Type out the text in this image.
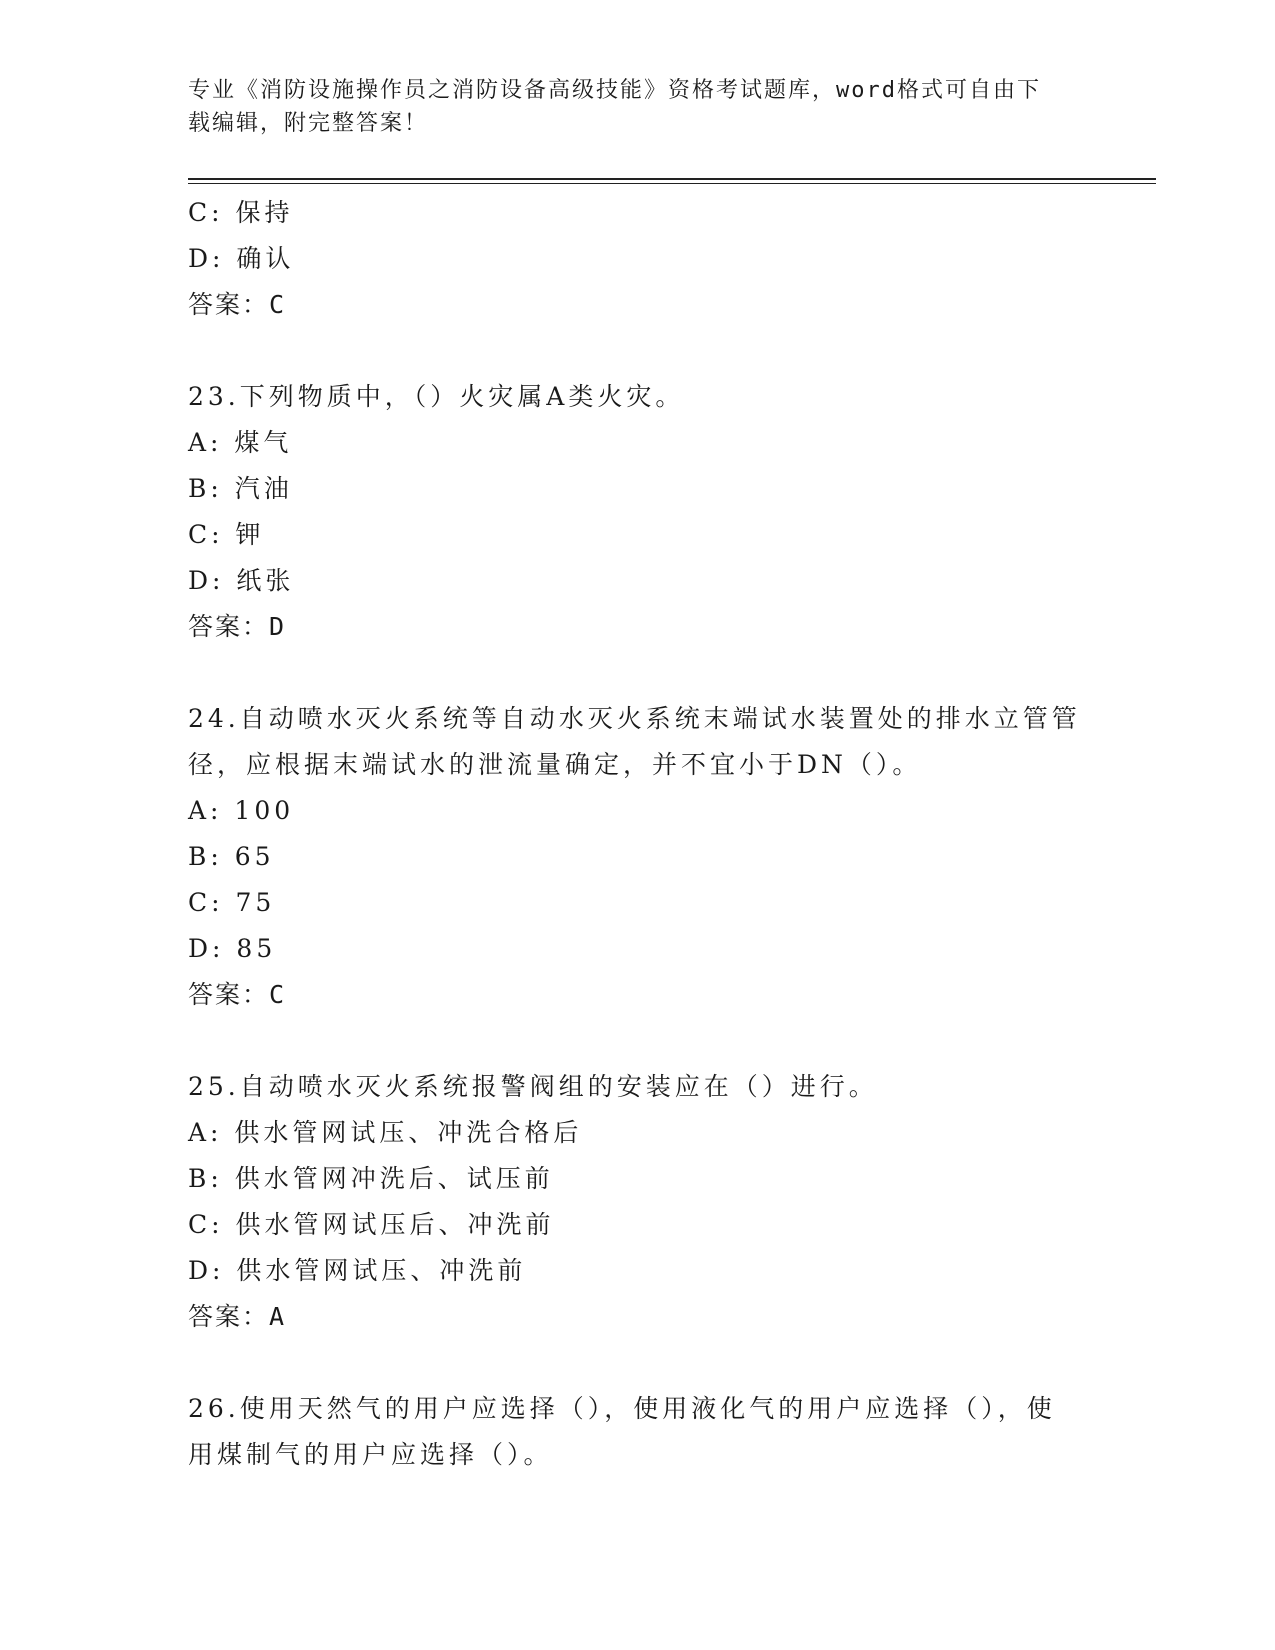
专业《消防设施操作员之消防设备高级技能》资格考试题库，word格式可自由下
载编辑，附完整答案！
C: 保持
D: 确认
答案：C
23.下列物质中，（）火灾属A类火灾。
A: 煤气
B: 汽油
C: 钾
D: 纸张
答案：D
24.自动喷水灭火系统等自动水灭火系统末端试水装置处的排水立管管
径，应根据末端试水的泄流量确定，并不宜小于DN（）。
A: 100
B: 65
C: 75
D: 85
答案：C
25.自动喷水灭火系统报警阀组的安装应在（）进行。
A: 供水管网试压、冲洗合格后
B: 供水管网冲洗后、试压前
C: 供水管网试压后、冲洗前
D: 供水管网试压、冲洗前
答案：A
26.使用天然气的用户应选择（），使用液化气的用户应选择（），使
用煤制气的用户应选择（）。
